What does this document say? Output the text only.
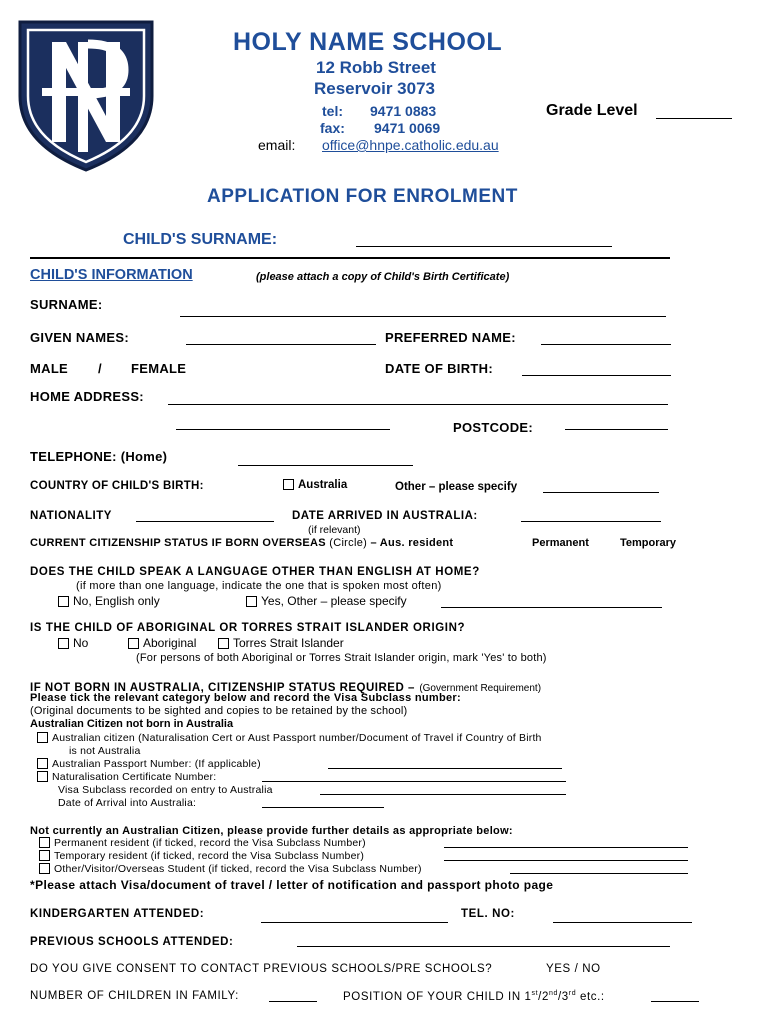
HOLY NAME SCHOOL
12 Robb Street
Reservoir 3073
tel: 9471 0883
fax: 9471 0069
email: office@hnpe.catholic.edu.au
Grade Level
APPLICATION FOR ENROLMENT
CHILD'S SURNAME:
CHILD'S INFORMATION	(please attach a copy of Child's Birth Certificate)
SURNAME:
GIVEN NAMES:	PREFERRED NAME:
MALE / FEMALE	DATE OF BIRTH:
HOME ADDRESS:
POSTCODE:
TELEPHONE: (Home)
COUNTRY OF CHILD'S BIRTH:	Australia	Other – please specify
NATIONALITY	DATE ARRIVED IN AUSTRALIA:
(if relevant)
CURRENT CITIZENSHIP STATUS IF BORN OVERSEAS (Circle) – Aus. resident	Permanent	Temporary
DOES THE CHILD SPEAK A LANGUAGE OTHER THAN ENGLISH AT HOME?
(if more than one language, indicate the one that is spoken most often)
No, English only	Yes, Other – please specify
IS THE CHILD OF ABORIGINAL OR TORRES STRAIT ISLANDER ORIGIN?
No	Aboriginal	Torres Strait Islander
(For persons of both Aboriginal or Torres Strait Islander origin, mark 'Yes' to both)
IF NOT BORN IN AUSTRALIA, CITIZENSHIP STATUS REQUIRED – (Government Requirement)
Please tick the relevant category below and record the Visa Subclass number:
(Original documents to be sighted and copies to be retained by the school)
Australian Citizen not born in Australia
Australian citizen (Naturalisation Cert or Aust Passport number/Document of Travel if Country of Birth
is not Australia
Australian Passport Number: (If applicable)
Naturalisation Certificate Number:
Visa Subclass recorded on entry to Australia
Date of Arrival into Australia:
Not currently an Australian Citizen, please provide further details as appropriate below:
Permanent resident (if ticked, record the Visa Subclass Number)
Temporary resident (if ticked, record the Visa Subclass Number)
Other/Visitor/Overseas Student (if ticked, record the Visa Subclass Number)
*Please attach Visa/document of travel / letter of notification and passport photo page
KINDERGARTEN ATTENDED:	TEL. NO:
PREVIOUS SCHOOLS ATTENDED:
DO YOU GIVE CONSENT TO CONTACT PREVIOUS SCHOOLS/PRE SCHOOLS?	YES / NO
NUMBER OF CHILDREN IN FAMILY:	POSITION OF YOUR CHILD IN 1st/2nd/3rd etc.:
